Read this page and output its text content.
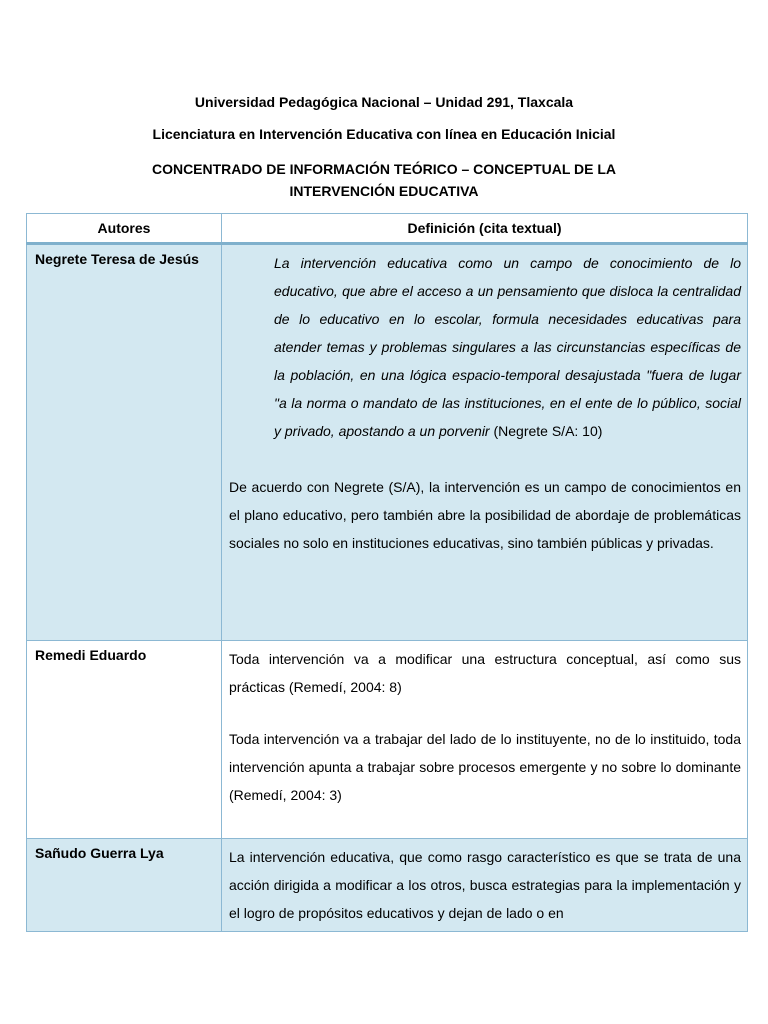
Universidad Pedagógica Nacional – Unidad 291, Tlaxcala
Licenciatura en Intervención Educativa con línea en Educación Inicial
CONCENTRADO DE INFORMACIÓN TEÓRICO – CONCEPTUAL DE LA
INTERVENCIÓN EDUCATIVA
Autores	Definición (cita textual)
Negrete Teresa de Jesús	La intervención educativa como un campo de conocimiento de lo educativo, que abre el acceso a un pensamiento que disloca la centralidad de lo educativo en lo escolar, formula necesidades educativas para atender temas y problemas singulares a las circunstancias específicas de la población, en una lógica espacio-temporal desajustada "fuera de lugar "a la norma o mandato de las instituciones, en el ente de lo público, social y privado, apostando a un porvenir (Negrete S/A: 10)
De acuerdo con Negrete (S/A), la intervención es un campo de conocimientos en el plano educativo, pero también abre la posibilidad de abordaje de problemáticas sociales no solo en instituciones educativas, sino también públicas y privadas.

Remedi Eduardo	Toda intervención va a modificar una estructura conceptual, así como sus prácticas (Remedí, 2004: 8)
Toda intervención va a trabajar del lado de lo instituyente, no de lo instituido, toda intervención apunta a trabajar sobre procesos emergente y no sobre lo dominante (Remedí, 2004: 3)

Sañudo Guerra Lya	La intervención educativa, que como rasgo característico es que se trata de una acción dirigida a modificar a los otros, busca estrategias para la implementación y el logro de propósitos educativos y dejan de lado o en
